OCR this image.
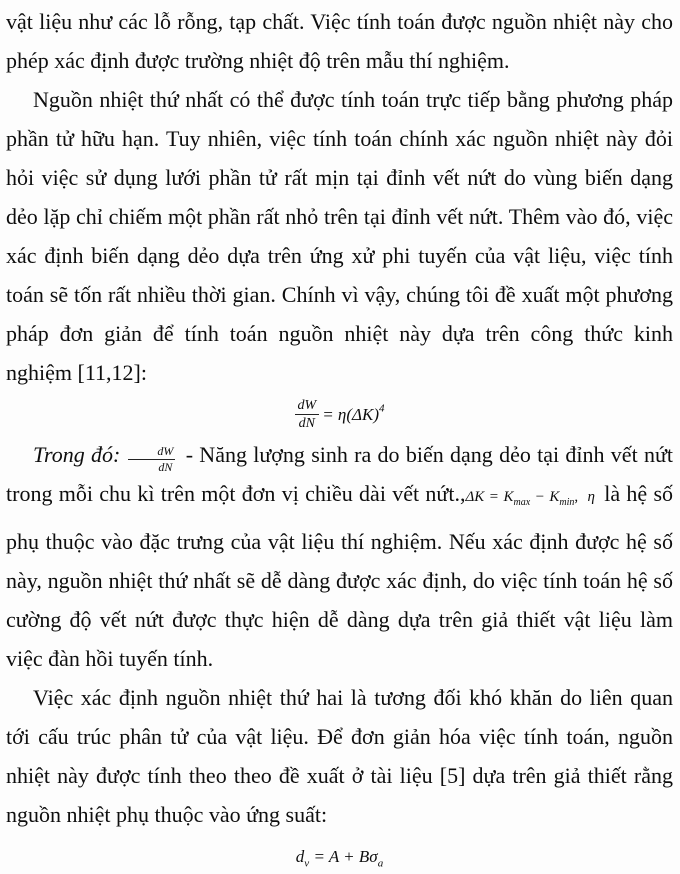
vật liệu như các lỗ rỗng, tạp chất. Việc tính toán được nguồn nhiệt này cho phép xác định được trường nhiệt độ trên mẫu thí nghiệm.

Nguồn nhiệt thứ nhất có thể được tính toán trực tiếp bằng phương pháp phần tử hữu hạn. Tuy nhiên, việc tính toán chính xác nguồn nhiệt này đỏi hỏi việc sử dụng lưới phần tử rất mịn tại đỉnh vết nứt do vùng biến dạng dẻo lặp chỉ chiếm một phần rất nhỏ trên tại đỉnh vết nứt. Thêm vào đó, việc xác định biến dạng dẻo dựa trên ứng xử phi tuyến của vật liệu, việc tính toán sẽ tốn rất nhiều thời gian. Chính vì vậy, chúng tôi đề xuất một phương pháp đơn giản để tính toán nguồn nhiệt này dựa trên công thức kinh nghiệm [11,12]:

$\frac{dW}{dN} = \eta(\Delta K)^4$

Trong đó: $\frac{dW}{dN}$ - Năng lượng sinh ra do biến dạng dẻo tại đỉnh vết nứt trong mỗi chu kì trên một đơn vị chiều dài vết nứt.,ΔK = $K_{max} - K_{min}$, η là hệ số phụ thuộc vào đặc trưng của vật liệu thí nghiệm. Nếu xác định được hệ số này, nguồn nhiệt thứ nhất sẽ dễ dàng được xác định, do việc tính toán hệ số cường độ vết nứt được thực hiện dễ dàng dựa trên giả thiết vật liệu làm việc đàn hồi tuyến tính.

Việc xác định nguồn nhiệt thứ hai là tương đối khó khăn do liên quan tới cấu trúc phân tử của vật liệu. Để đơn giản hóa việc tính toán, nguồn nhiệt này được tính theo theo đề xuất ở tài liệu [5] dựa trên giả thiết rằng nguồn nhiệt phụ thuộc vào ứng suất:

$d_v = A + B\sigma_a$
